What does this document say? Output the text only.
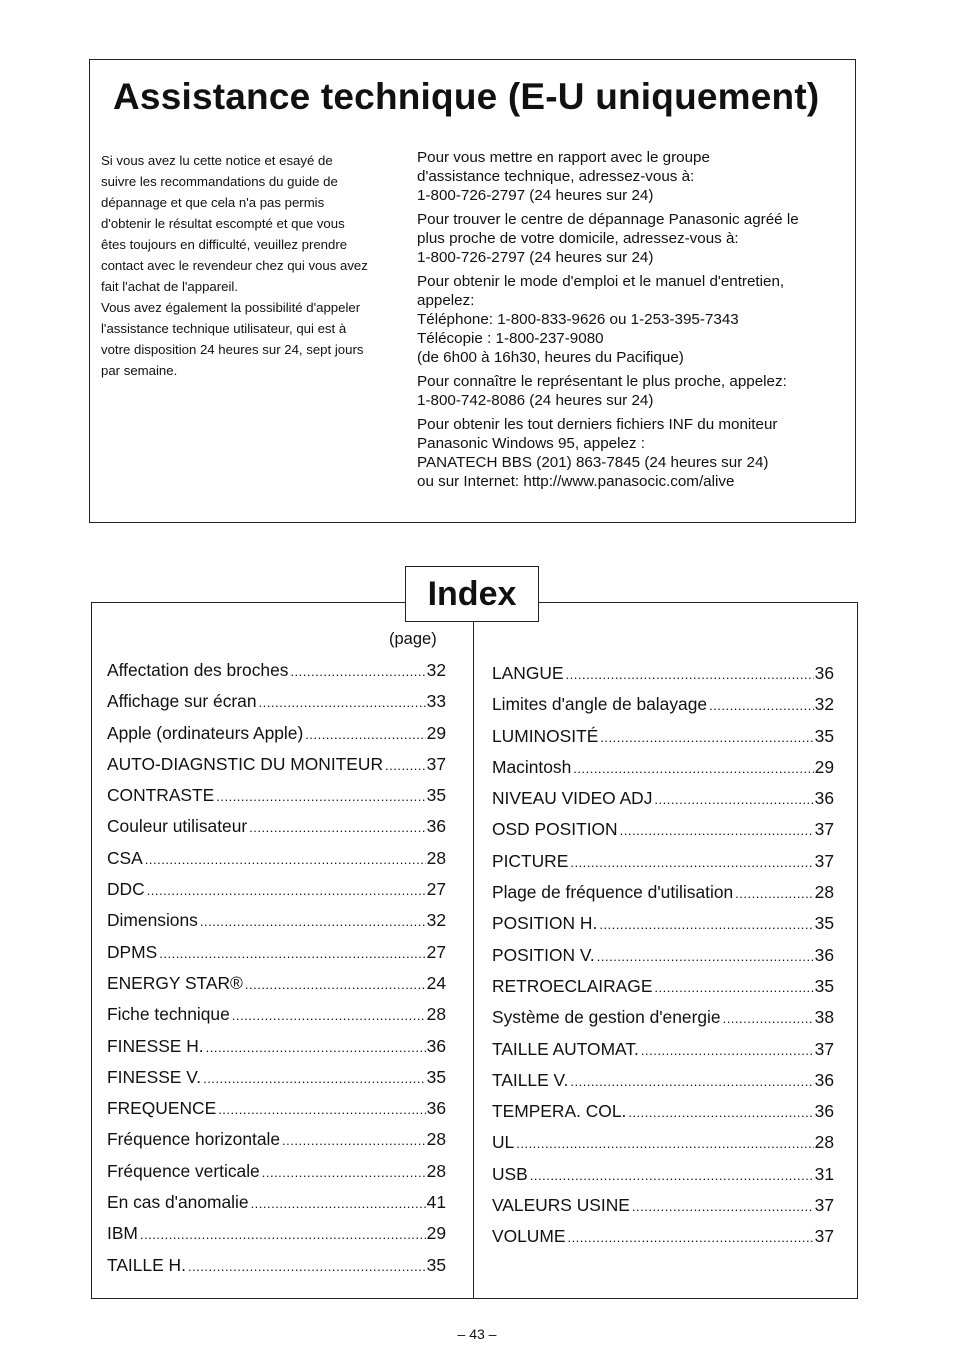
Assistance technique (E-U uniquement)
Si vous avez lu cette notice et esayé de
suivre les recommandations du guide de
dépannage et que cela n'a pas permis
d'obtenir le résultat escompté et que vous
êtes toujours en difficulté, veuillez prendre
contact avec le revendeur chez qui vous avez
fait l'achat de l'appareil.
Vous avez également la possibilité d'appeler
l'assistance technique utilisateur, qui est à
votre disposition 24 heures sur 24, sept jours
par semaine.

Pour vous mettre en rapport avec le groupe
d'assistance technique, adressez-vous à:
1-800-726-2797 (24 heures sur 24)

Pour trouver le centre de dépannage Panasonic agréé le
plus proche de votre domicile, adressez-vous à:
1-800-726-2797 (24 heures sur 24)

Pour obtenir le mode d'emploi et le manuel d'entretien,
appelez:
Téléphone: 1-800-833-9626 ou 1-253-395-7343
Télécopie : 1-800-237-9080
(de 6h00 à 16h30, heures du Pacifique)

Pour connaître le représentant le plus proche, appelez:
1-800-742-8086 (24 heures sur 24)

Pour obtenir les tout derniers fichiers INF du moniteur
Panasonic Windows 95, appelez :
PANATECH BBS (201) 863-7845 (24 heures sur 24)
ou sur Internet: http://www.panasocic.com/alive

Index
(page)
Affectation des broches .....	32
Affichage sur écran .....	33
Apple (ordinateurs Apple) .....	29
AUTO-DIAGNSTIC DU MONITEUR .....	37
CONTRASTE .....	35
Couleur utilisateur .....	36
CSA .....	28
DDC .....	27
Dimensions .....	32
DPMS .....	27
ENERGY STAR® .....	24
Fiche technique .....	28
FINESSE H. .....	36
FINESSE V. .....	35
FREQUENCE .....	36
Fréquence horizontale .....	28
Fréquence verticale .....	28
En cas d'anomalie .....	41
IBM .....	29
TAILLE H. .....	35
LANGUE .....	36
Limites d'angle de balayage .....	32
LUMINOSITÉ .....	35
Macintosh .....	29
NIVEAU VIDEO ADJ .....	36
OSD POSITION .....	37
PICTURE .....	37
Plage de fréquence d'utilisation .....	28
POSITION H. .....	35
POSITION V. .....	36
RETROECLAIRAGE .....	35
Système de gestion d'energie .....	38
TAILLE AUTOMAT. .....	37
TAILLE V. .....	36
TEMPERA. COL. .....	36
UL .....	28
USB .....	31
VALEURS USINE .....	37
VOLUME .....	37
– 43 –
